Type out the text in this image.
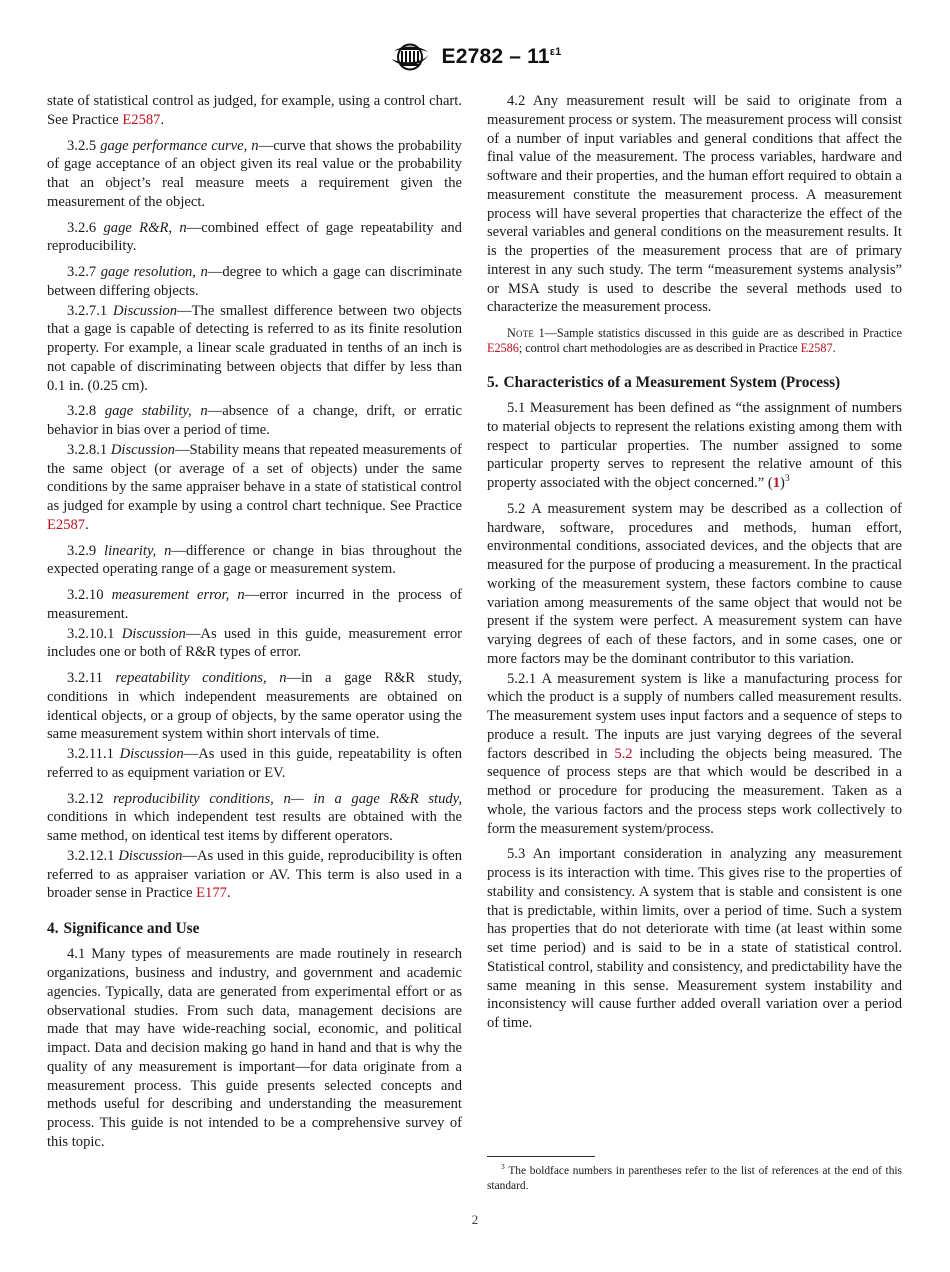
$E2782 - 11^{\varepsilon 1}$

state of statistical control as judged, for example, using a control chart. See Practice E2587.

3.2.5 gage performance curve, n—curve that shows the probability of gage acceptance of an object given its real value or the probability that an object’s real measure meets a requirement given the measurement of the object.

3.2.6 gage R&R, n—combined effect of gage repeatability and reproducibility.

3.2.7 gage resolution, n—degree to which a gage can discriminate between differing objects.

3.2.7.1 Discussion—The smallest difference between two objects that a gage is capable of detecting is referred to as its finite resolution property. For example, a linear scale graduated in tenths of an inch is not capable of discriminating between objects that differ by less than 0.1 in. (0.25 cm).

3.2.8 gage stability, n—absence of a change, drift, or erratic behavior in bias over a period of time.

3.2.8.1 Discussion—Stability means that repeated measurements of the same object (or average of a set of objects) under the same conditions by the same appraiser behave in a state of statistical control as judged for example by using a control chart technique. See Practice E2587.

3.2.9 linearity, n—difference or change in bias throughout the expected operating range of a gage or measurement system.

3.2.10 measurement error, n—error incurred in the process of measurement.

3.2.10.1 Discussion—As used in this guide, measurement error includes one or both of R&R types of error.

3.2.11 repeatability conditions, n—in a gage R&R study, conditions in which independent measurements are obtained on identical objects, or a group of objects, by the same operator using the same measurement system within short intervals of time.

3.2.11.1 Discussion—As used in this guide, repeatability is often referred to as equipment variation or EV.

3.2.12 reproducibility conditions, n— in a gage R&R study, conditions in which independent test results are obtained with the same method, on identical test items by different operators.

3.2.12.1 Discussion—As used in this guide, reproducibility is often referred to as appraiser variation or AV. This term is also used in a broader sense in Practice E177.

4. Significance and Use

4.1 Many types of measurements are made routinely in research organizations, business and industry, and government and academic agencies. Typically, data are generated from experimental effort or as observational studies. From such data, management decisions are made that may have wide-reaching social, economic, and political impact. Data and decision making go hand in hand and that is why the quality of any measurement is important—for data originate from a measurement process. This guide presents selected concepts and methods useful for describing and understanding the measurement process. This guide is not intended to be a comprehensive survey of this topic.

4.2 Any measurement result will be said to originate from a measurement process or system. The measurement process will consist of a number of input variables and general conditions that affect the final value of the measurement. The process variables, hardware and software and their properties, and the human effort required to obtain a measurement constitute the measurement process. A measurement process will have several properties that characterize the effect of the several variables and general conditions on the measurement results. It is the properties of the measurement process that are of primary interest in any such study. The term “measurement systems analysis” or MSA study is used to describe the several methods used to characterize the measurement process.

Note 1—Sample statistics discussed in this guide are as described in Practice E2586; control chart methodologies are as described in Practice E2587.

5. Characteristics of a Measurement System (Process)

5.1 Measurement has been defined as “the assignment of numbers to material objects to represent the relations existing among them with respect to particular properties. The number assigned to some particular property serves to represent the relative amount of this property associated with the object concerned.” $(1)^3$

5.2 A measurement system may be described as a collection of hardware, software, procedures and methods, human effort, environmental conditions, associated devices, and the objects that are measured for the purpose of producing a measurement. In the practical working of the measurement system, these factors combine to cause variation among measurements of the same object that would not be present if the system were perfect. A measurement system can have varying degrees of each of these factors, and in some cases, one or more factors may be the dominant contributor to this variation.

5.2.1 A measurement system is like a manufacturing process for which the product is a supply of numbers called measurement results. The measurement system uses input factors and a sequence of steps to produce a result. The inputs are just varying degrees of the several factors described in 5.2 including the objects being measured. The sequence of process steps are that which would be described in a method or procedure for producing the measurement. Taken as a whole, the various factors and the process steps work collectively to form the measurement system/process.

5.3 An important consideration in analyzing any measurement process is its interaction with time. This gives rise to the properties of stability and consistency. A system that is stable and consistent is one that is predictable, within limits, over a period of time. Such a system has properties that do not deteriorate with time (at least within some set time period) and is said to be in a state of statistical control. Statistical control, stability and consistency, and predictability have the same meaning in this sense. Measurement system instability and inconsistency will cause further added overall variation over a period of time.

$^3$ The boldface numbers in parentheses refer to the list of references at the end of this standard.

2
